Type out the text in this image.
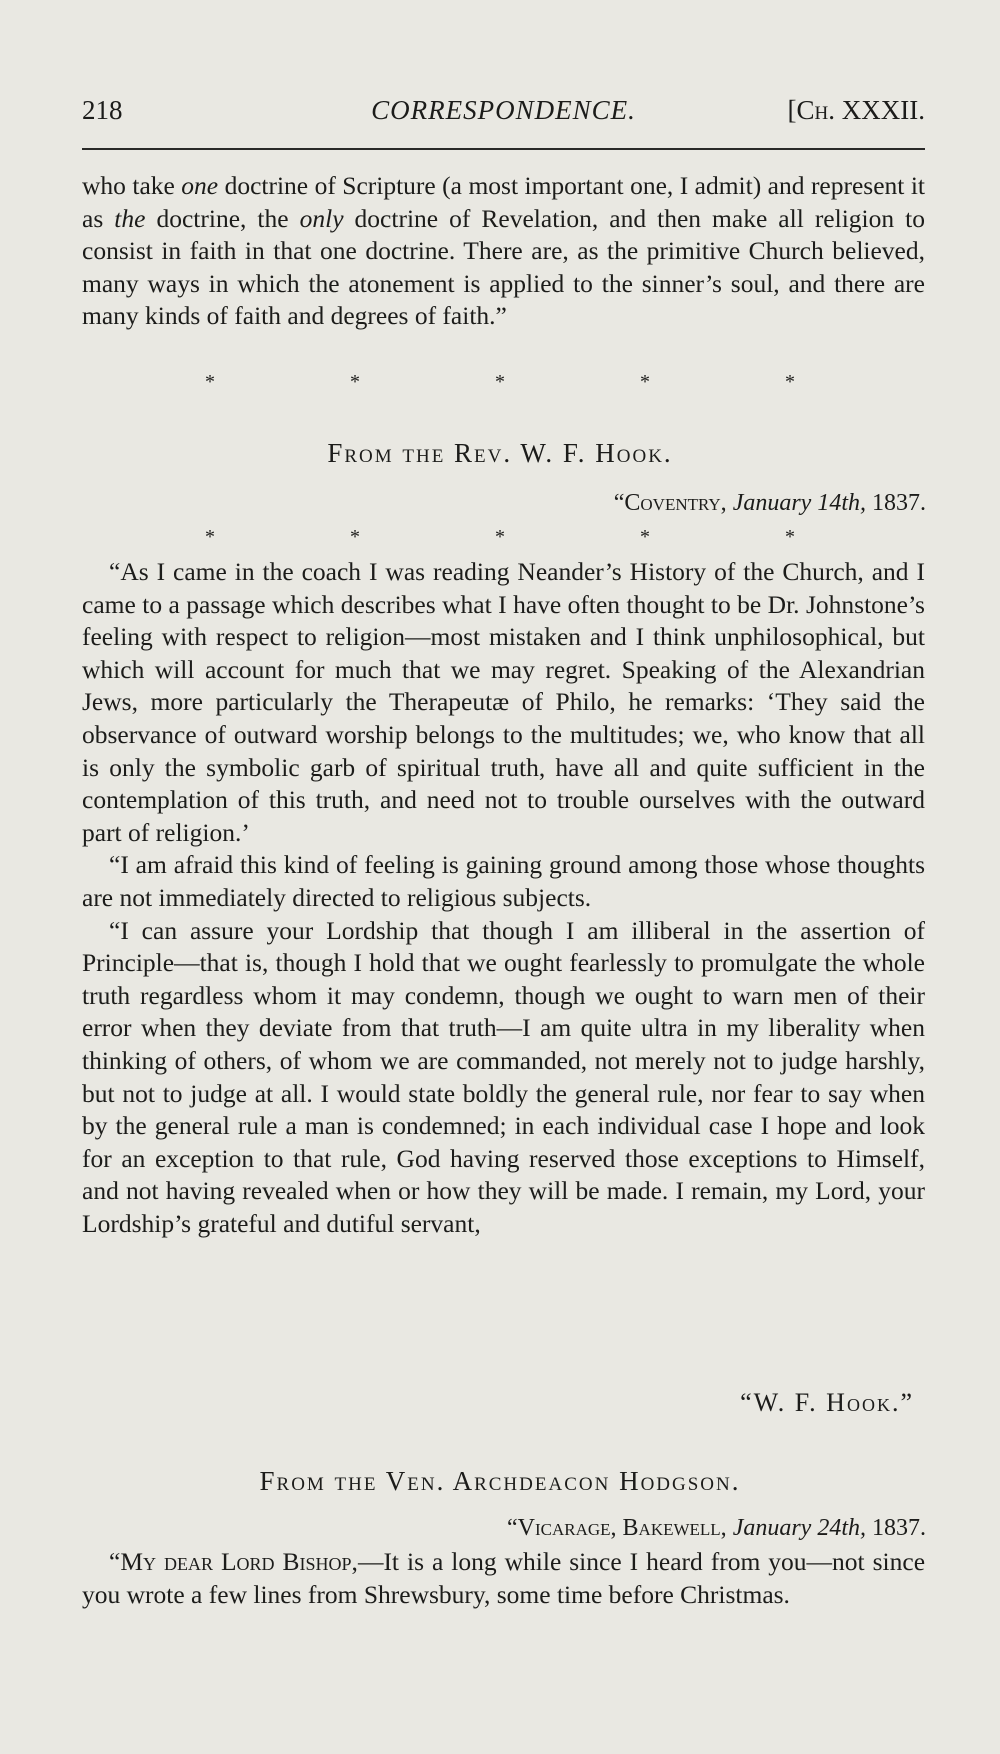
218	CORRESPONDENCE.	[Ch. XXXII.

who take one doctrine of Scripture (a most important one, I admit) and represent it as the doctrine, the only doctrine of Revelation, and then make all religion to consist in faith in that one doctrine. There are, as the primitive Church believed, many ways in which the atonement is applied to the sinner’s soul, and there are many kinds of faith and degrees of faith.”

*	*	*	*	*
From the Rev. W. F. Hook.
“Coventry, January 14th, 1837.
*	*	*	*	*

“As I came in the coach I was reading Neander’s History of the Church, and I came to a passage which describes what I have often thought to be Dr. Johnstone’s feeling with respect to religion—most mistaken and I think unphilosophical, but which will account for much that we may regret. Speaking of the Alexandrian Jews, more particularly the Therapeutæ of Philo, he remarks: ‘They said the observance of outward worship belongs to the multitudes; we, who know that all is only the symbolic garb of spiritual truth, have all and quite sufficient in the contemplation of this truth, and need not to trouble ourselves with the outward part of religion.’

“I am afraid this kind of feeling is gaining ground among those whose thoughts are not immediately directed to religious subjects.

“I can assure your Lordship that though I am illiberal in the assertion of Principle—that is, though I hold that we ought fearlessly to promulgate the whole truth regardless whom it may condemn, though we ought to warn men of their error when they deviate from that truth—I am quite ultra in my liberality when thinking of others, of whom we are commanded, not merely not to judge harshly, but not to judge at all. I would state boldly the general rule, nor fear to say when by the general rule a man is condemned; in each individual case I hope and look for an exception to that rule, God having reserved those exceptions to Himself, and not having revealed when or how they will be made. I remain, my Lord, your Lordship’s grateful and dutiful servant,

“W. F. Hook.”
From the Ven. Archdeacon Hodgson.
“Vicarage, Bakewell, January 24th, 1837.

“My dear Lord Bishop,—It is a long while since I heard from you—not since you wrote a few lines from Shrewsbury, some time before Christmas.
